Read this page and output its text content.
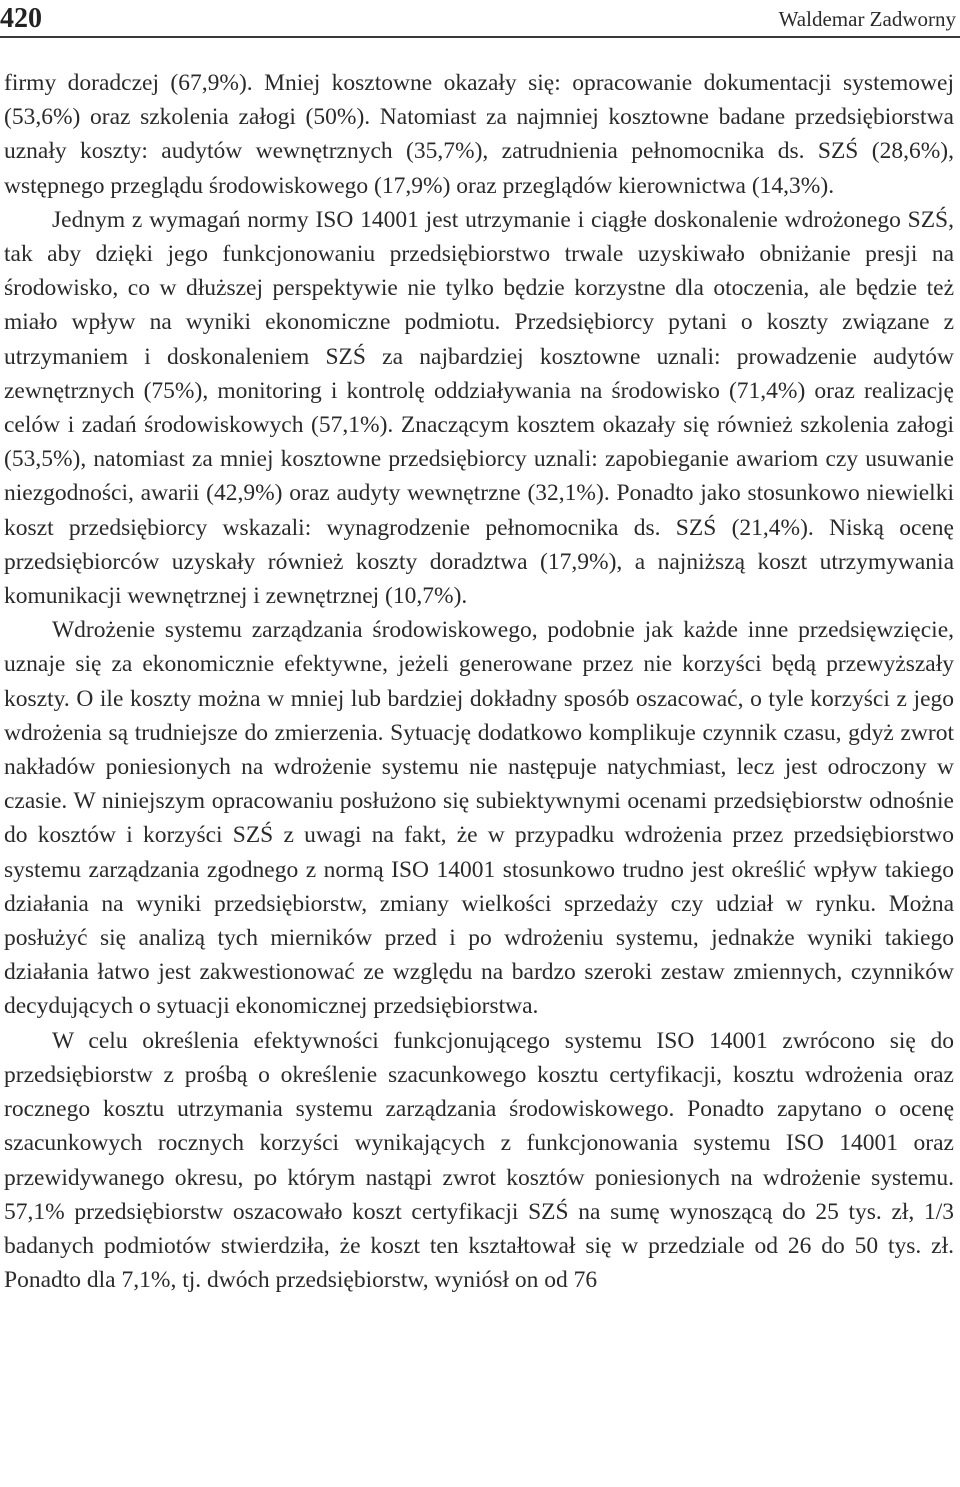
420	Waldemar Zadworny

firmy doradczej (67,9%). Mniej kosztowne okazały się: opracowanie dokumentacji systemowej (53,6%) oraz szkolenia załogi (50%). Natomiast za najmniej kosztowne badane przedsiębiorstwa uznały koszty: audytów wewnętrznych (35,7%), zatrudnienia pełnomocnika ds. SZŚ (28,6%), wstępnego przeglądu środowiskowego (17,9%) oraz przeglądów kierownictwa (14,3%).

Jednym z wymagań normy ISO 14001 jest utrzymanie i ciągłe doskonalenie wdrożonego SZŚ, tak aby dzięki jego funkcjonowaniu przedsiębiorstwo trwale uzyskiwało obniżanie presji na środowisko, co w dłuższej perspektywie nie tylko będzie korzystne dla otoczenia, ale będzie też miało wpływ na wyniki ekonomiczne podmiotu. Przedsiębiorcy pytani o koszty związane z utrzymaniem i doskonaleniem SZŚ za najbardziej kosztowne uznali: prowadzenie audytów zewnętrznych (75%), monitoring i kontrolę oddziaływania na środowisko (71,4%) oraz realizację celów i zadań środowiskowych (57,1%). Znaczącym kosztem okazały się również szkolenia załogi (53,5%), natomiast za mniej kosztowne przedsiębiorcy uznali: zapobieganie awariom czy usuwanie niezgodności, awarii (42,9%) oraz audyty wewnętrzne (32,1%). Ponadto jako stosunkowo niewielki koszt przedsiębiorcy wskazali: wynagrodzenie pełnomocnika ds. SZŚ (21,4%). Niską ocenę przedsiębiorców uzyskały również koszty doradztwa (17,9%), a najniższą koszt utrzymywania komunikacji wewnętrznej i zewnętrznej (10,7%).

Wdrożenie systemu zarządzania środowiskowego, podobnie jak każde inne przedsięwzięcie, uznaje się za ekonomicznie efektywne, jeżeli generowane przez nie korzyści będą przewyższały koszty. O ile koszty można w mniej lub bardziej dokładny sposób oszacować, o tyle korzyści z jego wdrożenia są trudniejsze do zmierzenia. Sytuację dodatkowo komplikuje czynnik czasu, gdyż zwrot nakładów poniesionych na wdrożenie systemu nie następuje natychmiast, lecz jest odroczony w czasie. W niniejszym opracowaniu posłużono się subiektywnymi ocenami przedsiębiorstw odnośnie do kosztów i korzyści SZŚ z uwagi na fakt, że w przypadku wdrożenia przez przedsiębiorstwo systemu zarządzania zgodnego z normą ISO 14001 stosunkowo trudno jest określić wpływ takiego działania na wyniki przedsiębiorstw, zmiany wielkości sprzedaży czy udział w rynku. Można posłużyć się analizą tych mierników przed i po wdrożeniu systemu, jednakże wyniki takiego działania łatwo jest zakwestionować ze względu na bardzo szeroki zestaw zmiennych, czynników decydujących o sytuacji ekonomicznej przedsiębiorstwa.

W celu określenia efektywności funkcjonującego systemu ISO 14001 zwrócono się do przedsiębiorstw z prośbą o określenie szacunkowego kosztu certyfikacji, kosztu wdrożenia oraz rocznego kosztu utrzymania systemu zarządzania środowiskowego. Ponadto zapytano o ocenę szacunkowych rocznych korzyści wynikających z funkcjonowania systemu ISO 14001 oraz przewidywanego okresu, po którym nastąpi zwrot kosztów poniesionych na wdrożenie systemu. 57,1% przedsiębiorstw oszacowało koszt certyfikacji SZŚ na sumę wynoszącą do 25 tys. zł, 1/3 badanych podmiotów stwierdziła, że koszt ten kształtował się w przedziale od 26 do 50 tys. zł. Ponadto dla 7,1%, tj. dwóch przedsiębiorstw, wyniósł on od 76
